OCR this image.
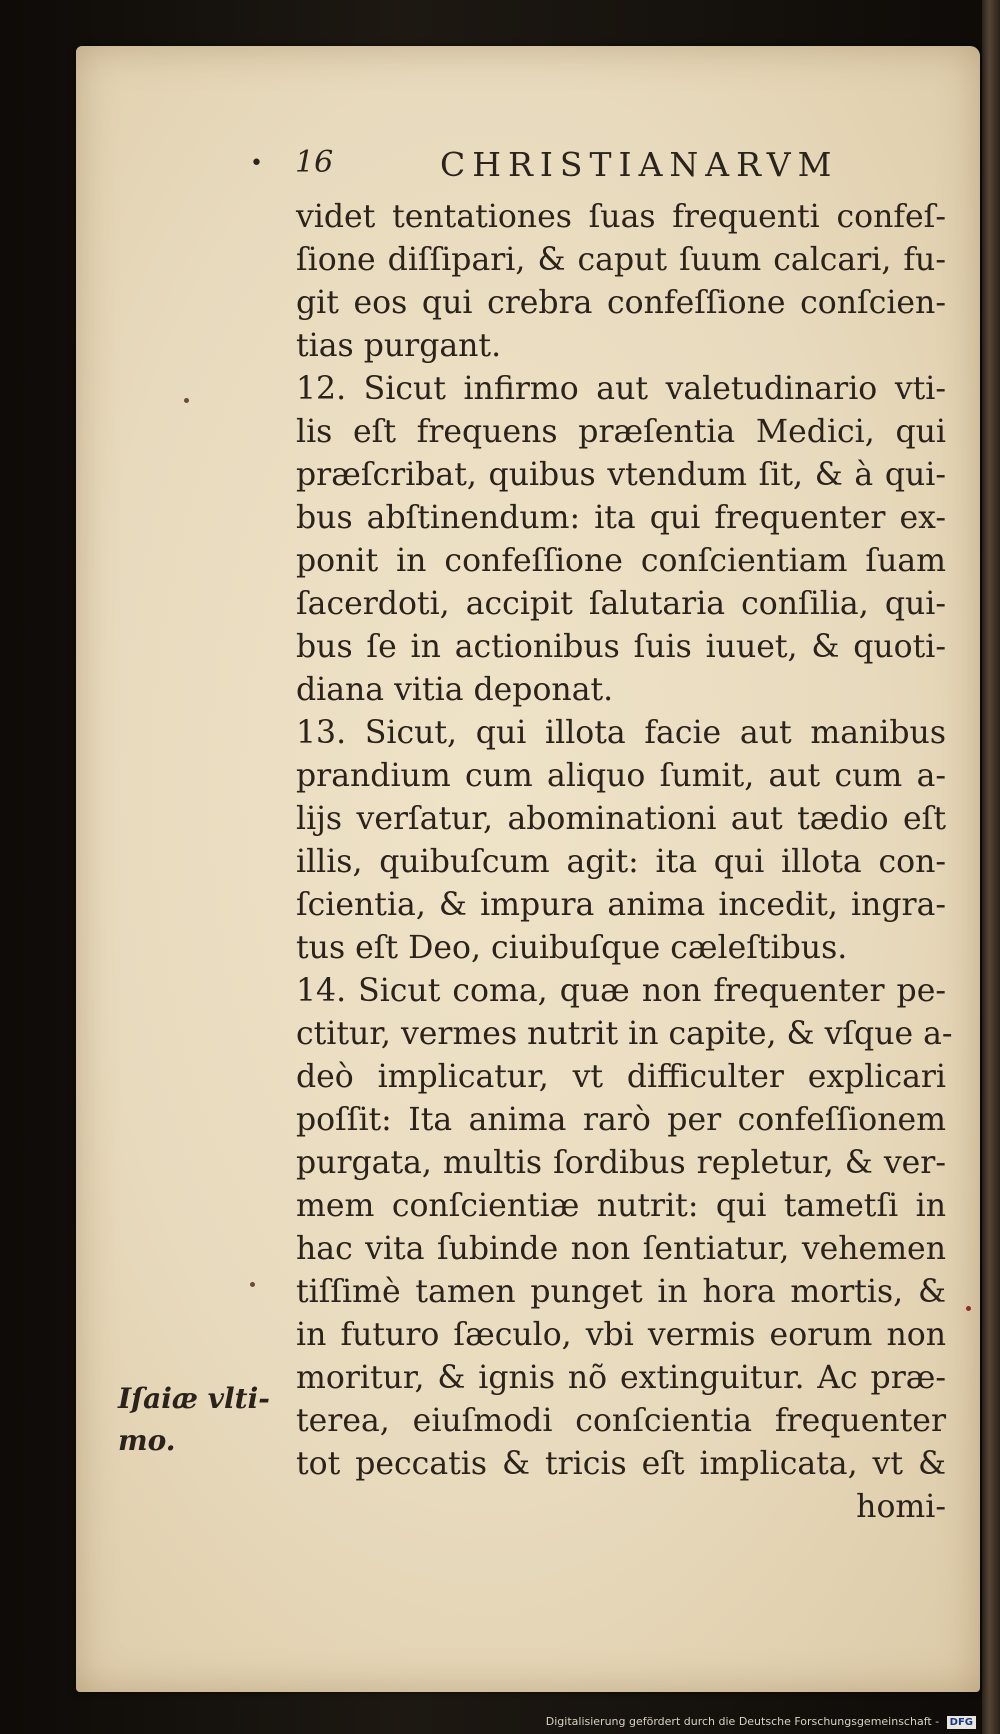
• 16	CHRISTIANARVM
videt tentationes ſuas frequenti confeſ-
ſione diſſipari, & caput ſuum calcari, fu-
git eos qui crebra confeſſione conſcien-
tias purgant.
12. Sicut infirmo aut valetudinario vti-
lis eſt frequens præſentia Medici, qui
præſcribat, quibus vtendum ſit, & à qui-
bus abſtinendum: ita qui frequenter ex-
ponit in confeſſione conſcientiam ſuam
ſacerdoti, accipit ſalutaria conſilia, qui-
bus ſe in actionibus ſuis iuuet, & quoti-
diana vitia deponat.
13. Sicut, qui illota facie aut manibus
prandium cum aliquo ſumit, aut cum a-
lijs verſatur, abominationi aut tædio eſt
illis, quibuſcum agit: ita qui illota con-
ſcientia, & impura anima incedit, ingra-
tus eſt Deo, ciuibuſque cæleſtibus.
14. Sicut coma, quæ non frequenter pe-
ctitur, vermes nutrit in capite, & vſque a-
deò implicatur, vt difficulter explicari
poſſit: Ita anima rarò per confeſſionem
purgata, multis ſordibus repletur, & ver-
mem conſcientiæ nutrit: qui tametſi in
hac vita ſubinde non ſentiatur, vehemen
tiſſimè tamen punget in hora mortis, &
in futuro ſæculo, vbi vermis eorum non
moritur, & ignis nõ extinguitur. Ac præ-
terea, eiuſmodi conſcientia frequenter
tot peccatis & tricis eſt implicata, vt &
homi-
Iſaiæ vlti-
mo.
Digitalisierung gefördert durch die Deutsche Forschungsgemeinschaft - DFG
